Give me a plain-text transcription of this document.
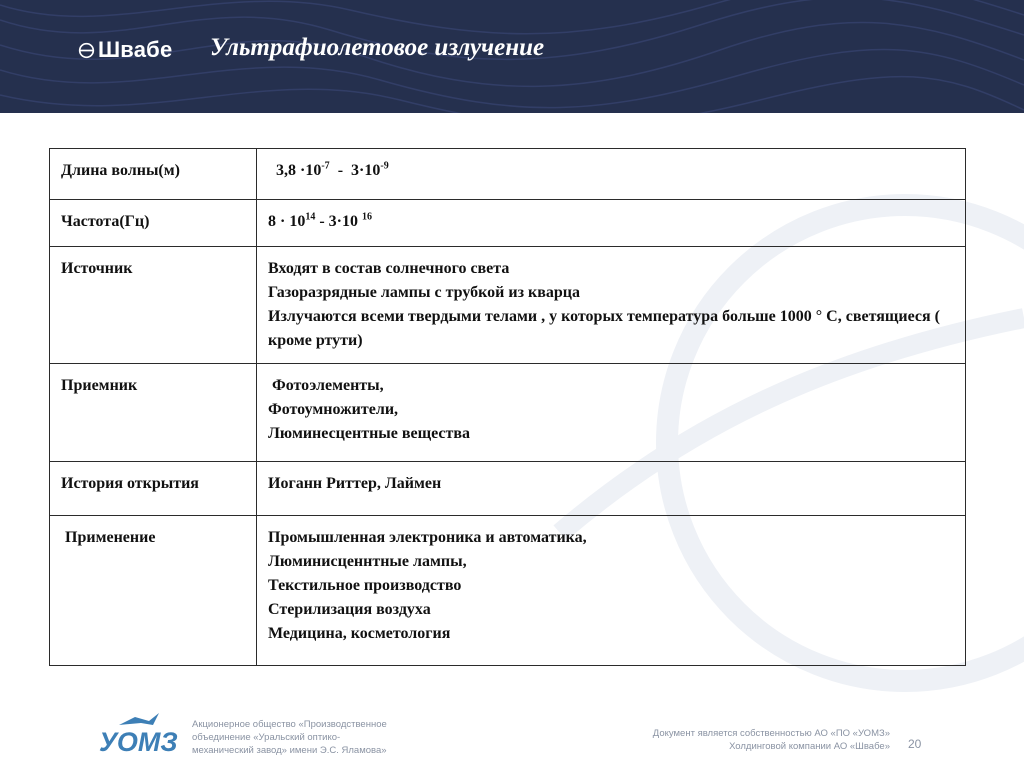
Швабе Ультрафиолетовое излучение
Длина волны(м)	$3,8 \cdot 10^{-7} - 3\cdot 10^{-9}$
Частота(Гц)	$8 \cdot 10^{14} - 3\cdot 10$ $^{16}$
Источник	Входят в состав солнечного света
Газоразрядные лампы с трубкой из кварца
Излучаются всеми твердыми телами , у которых температура больше 1000 ° С, светящиеся ( кроме ртути)

Приемник	Фотоэлементы,
Фотоумножители,
Люминесцентные вещества

История открытия	Иоганн Риттер, Лаймен

Применение	Промышленная электроника и автоматика,
Люминисценнтные лампы,
Текстильное производство
Стерилизация воздуха
Медицина, косметология
УОМЗ
Акционерное общество «Производственное
объединение «Уральский оптико-
механический завод» имени Э.С. Яламова»
Документ является собственностью АО «ПО «УОМЗ»
Холдинговой компании АО «Швабе» 20
